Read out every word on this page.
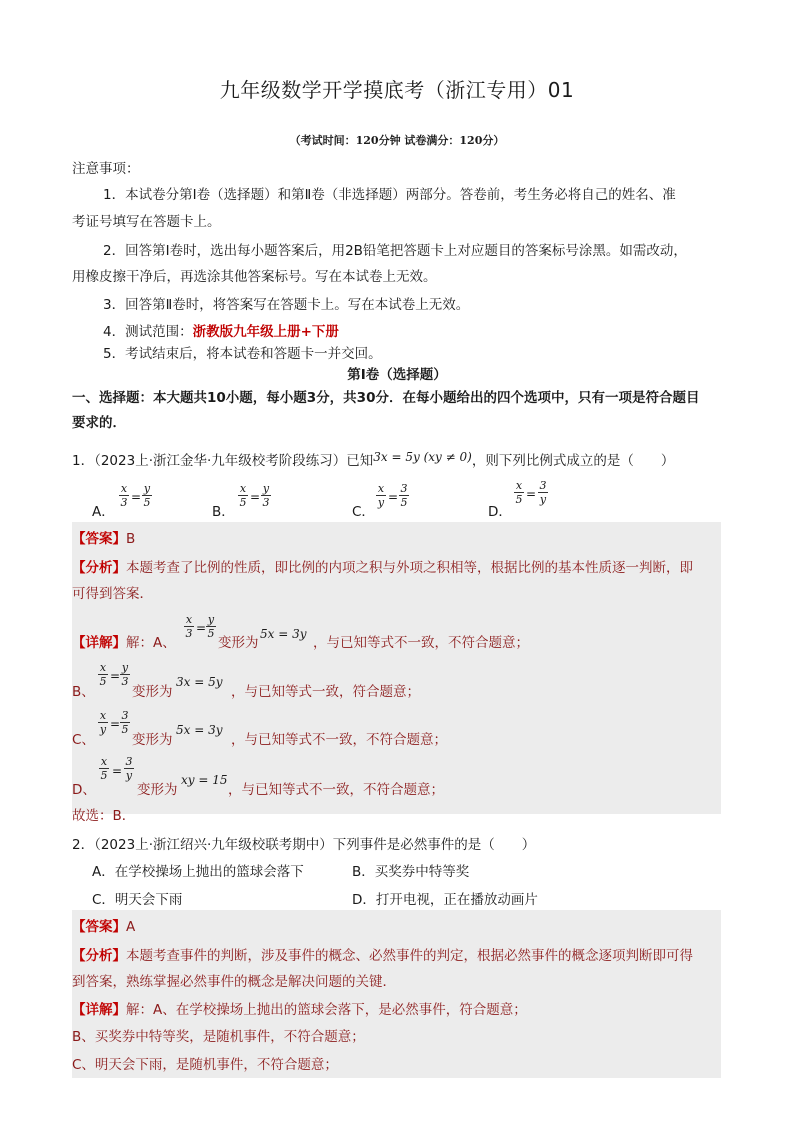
九年级数学开学摸底考（浙江专用）01
（考试时间：120分钟 试卷满分：120分）
注意事项：
1．本试卷分第Ⅰ卷（选择题）和第Ⅱ卷（非选择题）两部分。答卷前，考生务必将自己的姓名、准
考证号填写在答题卡上。
2．回答第Ⅰ卷时，选出每小题答案后，用2B铅笔把答题卡上对应题目的答案标号涂黑。如需改动，
用橡皮擦干净后，再选涂其他答案标号。写在本试卷上无效。
3．回答第Ⅱ卷时，将答案写在答题卡上。写在本试卷上无效。
4．测试范围：浙教版九年级上册+下册
5．考试结束后，将本试卷和答题卡一并交回。
第Ⅰ卷（选择题）
一、选择题：本大题共10小题，每小题3分，共30分．在每小题给出的四个选项中，只有一项是符合题目
要求的．
1．（2023上·浙江金华·九年级校考阶段练习）已知3x = 5y (xy ≠ 0)，则下列比例式成立的是（　　）
A．
x
3 =
y
5
B．
x
5 =
y
3
C．
x
y =
3
5
D．
x
5 =
3
y
【答案】B
【分析】本题考查了比例的性质，即比例的内项之积与外项之积相等，根据比例的基本性质逐一判断，即
可得到答案．
【详解】解：A、
x
3 =
y
5
变形为
5x = 3y
，与已知等式不一致，不符合题意；
B、
x
5 =
y
3
变形为
3x = 5y
，与已知等式一致，符合题意；
C、
x
y =
3
5
变形为
5x = 3y
，与已知等式不一致，不符合题意；
D、
x
5 =
3
y
变形为
xy = 15
，与已知等式不一致，不符合题意；
故选：B．
2．（2023上·浙江绍兴·九年级校联考期中）下列事件是必然事件的是（　　）
A．在学校操场上抛出的篮球会落下	B．买奖券中特等奖
C．明天会下雨	D．打开电视，正在播放动画片
【答案】A
【分析】本题考查事件的判断，涉及事件的概念、必然事件的判定，根据必然事件的概念逐项判断即可得
到答案，熟练掌握必然事件的概念是解决问题的关键．
【详解】解：A、在学校操场上抛出的篮球会落下，是必然事件，符合题意；
B、买奖券中特等奖，是随机事件，不符合题意；
C、明天会下雨，是随机事件，不符合题意；
